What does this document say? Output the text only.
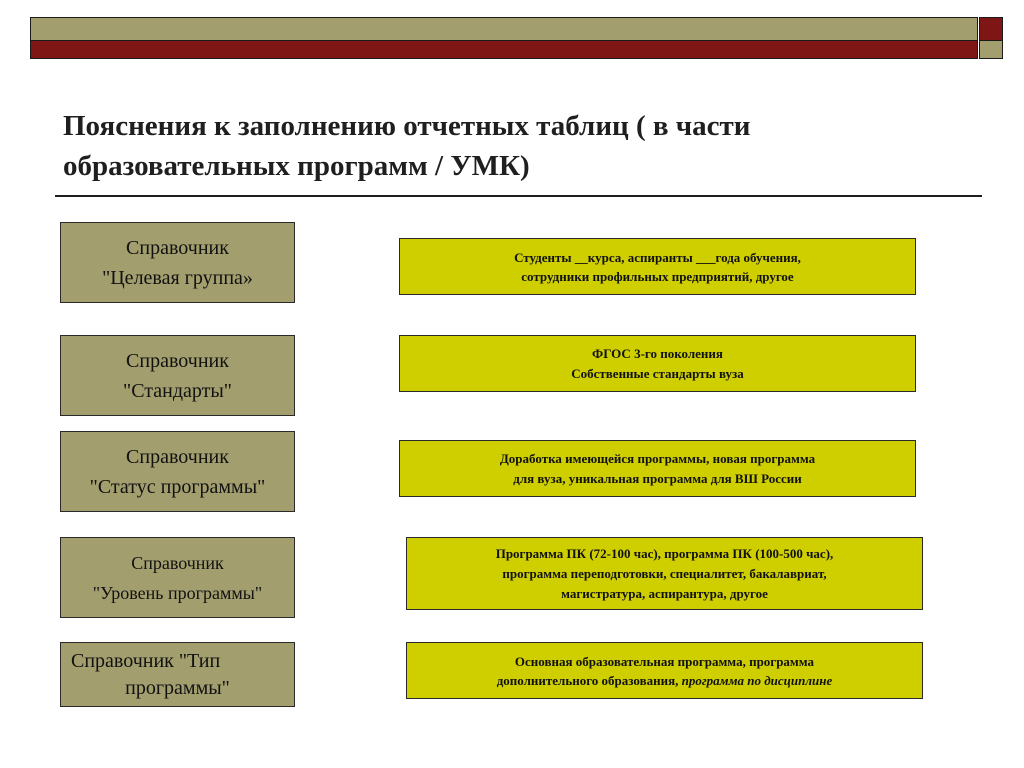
Пояснения к заполнению отчетных таблиц ( в части
образовательных программ / УМК)
Справочник
"Целевая группа»
Студенты __курса, аспиранты ___года обучения,
сотрудники профильных предприятий, другое
Справочник
"Стандарты"
ФГОС 3-го поколения
Собственные стандарты вуза
Справочник
"Статус программы"
Доработка имеющейся программы, новая программа
для вуза, уникальная программа для ВШ России
Справочник
"Уровень программы"
Программа ПК (72-100 час), программа ПК (100-500 час),
программа переподготовки, специалитет, бакалавриат,
магистратура, аспирантура, другое
Справочник "Тип
программы"
Основная образовательная программа, программа
дополнительного образования, программа по дисциплине
